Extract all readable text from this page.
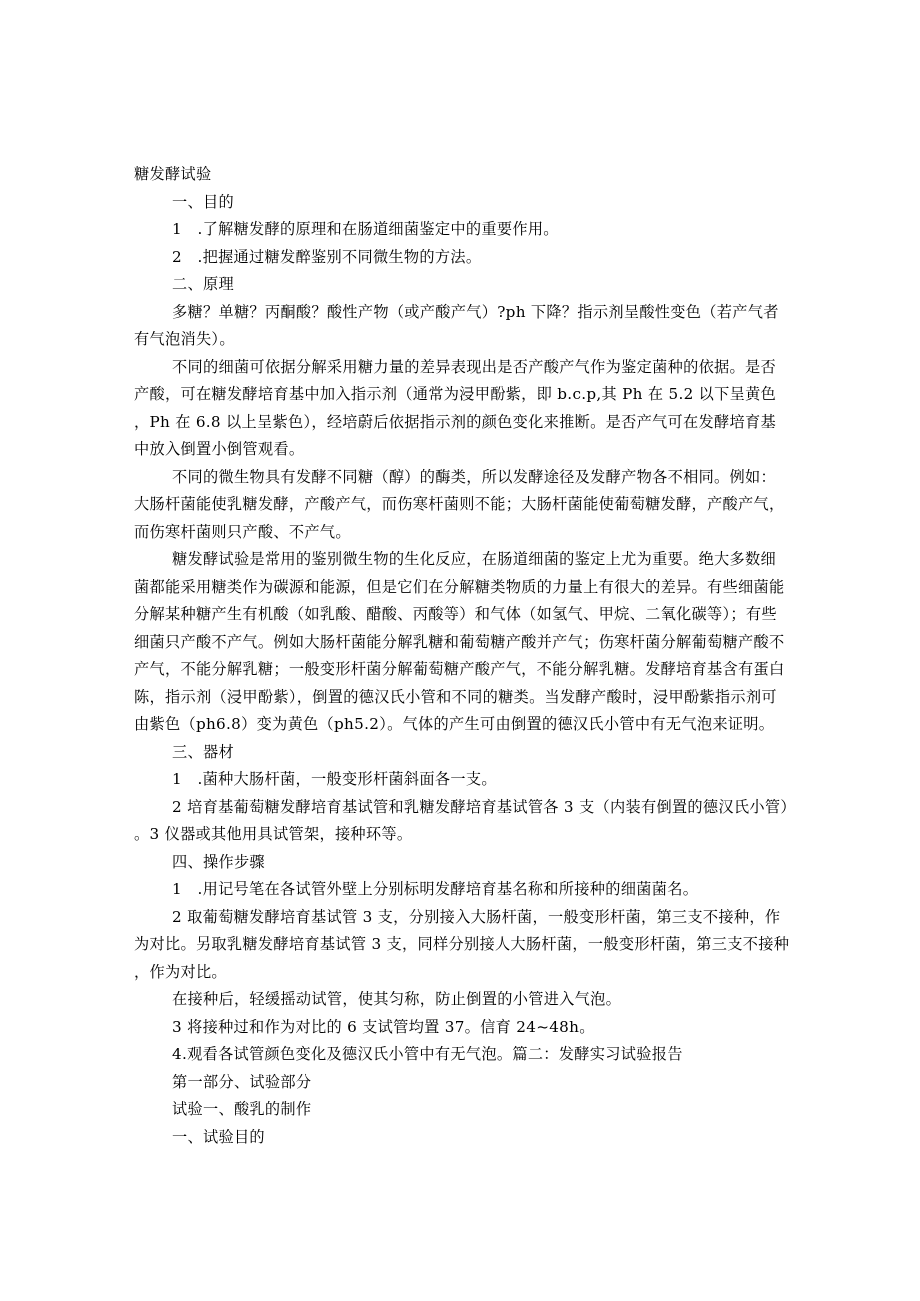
糖发酵试验

一、目的

1　.了解糖发酵的原理和在肠道细菌鉴定中的重要作用。

2　.把握通过糖发醉鉴别不同微生物的方法。

二、原理

多糖？单糖？丙酮酸？酸性产物（或产酸产气）?ph 下降？指示剂呈酸性变色（若产气者有气泡消失）。

不同的细菌可依据分解采用糖力量的差异表现出是否产酸产气作为鉴定菌种的依据。是否产酸，可在糖发酵培育基中加入指示剂（通常为浸甲酚紫，即 b.c.p,其 Ph 在 5.2 以下呈黄色，Ph 在 6.8 以上呈紫色），经培蔚后依据指示剂的颜色变化来推断。是否产气可在发酵培育基中放入倒置小倒管观看。

不同的微生物具有发酵不同糖（醇）的酶类，所以发酵途径及发酵产物各不相同。例如：大肠杆菌能使乳糖发酵，产酸产气，而伤寒杆菌则不能；大肠杆菌能使葡萄糖发酵，产酸产气，而伤寒杆菌则只产酸、不产气。

糖发酵试验是常用的鉴别微生物的生化反应，在肠道细菌的鉴定上尤为重要。绝大多数细菌都能采用糖类作为碳源和能源，但是它们在分解糖类物质的力量上有很大的差异。有些细菌能分解某种糖产生有机酸（如乳酸、醋酸、丙酸等）和气体（如氢气、甲烷、二氧化碳等）；有些细菌只产酸不产气。例如大肠杆菌能分解乳糖和葡萄糖产酸并产气；伤寒杆菌分解葡萄糖产酸不产气，不能分解乳糖；一般变形杆菌分解葡萄糖产酸产气，不能分解乳糖。发酵培育基含有蛋白陈，指示剂（浸甲酚紫），倒置的德汉氏小管和不同的糖类。当发酵产酸时，浸甲酚紫指示剂可由紫色（ph6.8）变为黄色（ph5.2）。气体的产生可由倒置的德汉氏小管中有无气泡来证明。

三、器材

1　.菌种大肠杆菌，一般变形杆菌斜面各一支。

2 培育基葡萄糖发酵培育基试管和乳糖发酵培育基试管各 3 支（内装有倒置的德汉氏小管）。3 仪器或其他用具试管架，接种环等。

四、操作步骤

1　.用记号笔在各试管外壁上分别标明发酵培育基名称和所接种的细菌菌名。

2 取葡萄糖发酵培育基试管 3 支，分别接入大肠杆菌，一般变形杆菌，第三支不接种，作为对比。另取乳糖发酵培育基试管 3 支，同样分别接人大肠杆菌，一般变形杆菌，第三支不接种，作为对比。

在接种后，轻缓摇动试管，使其匀称，防止倒置的小管进入气泡。

3 将接种过和作为对比的 6 支试管均置 37。信育 24~48h。

4.观看各试管颜色变化及德汉氏小管中有无气泡。篇二：发酵实习试验报告

第一部分、试验部分

试验一、酸乳的制作

一、试验目的
